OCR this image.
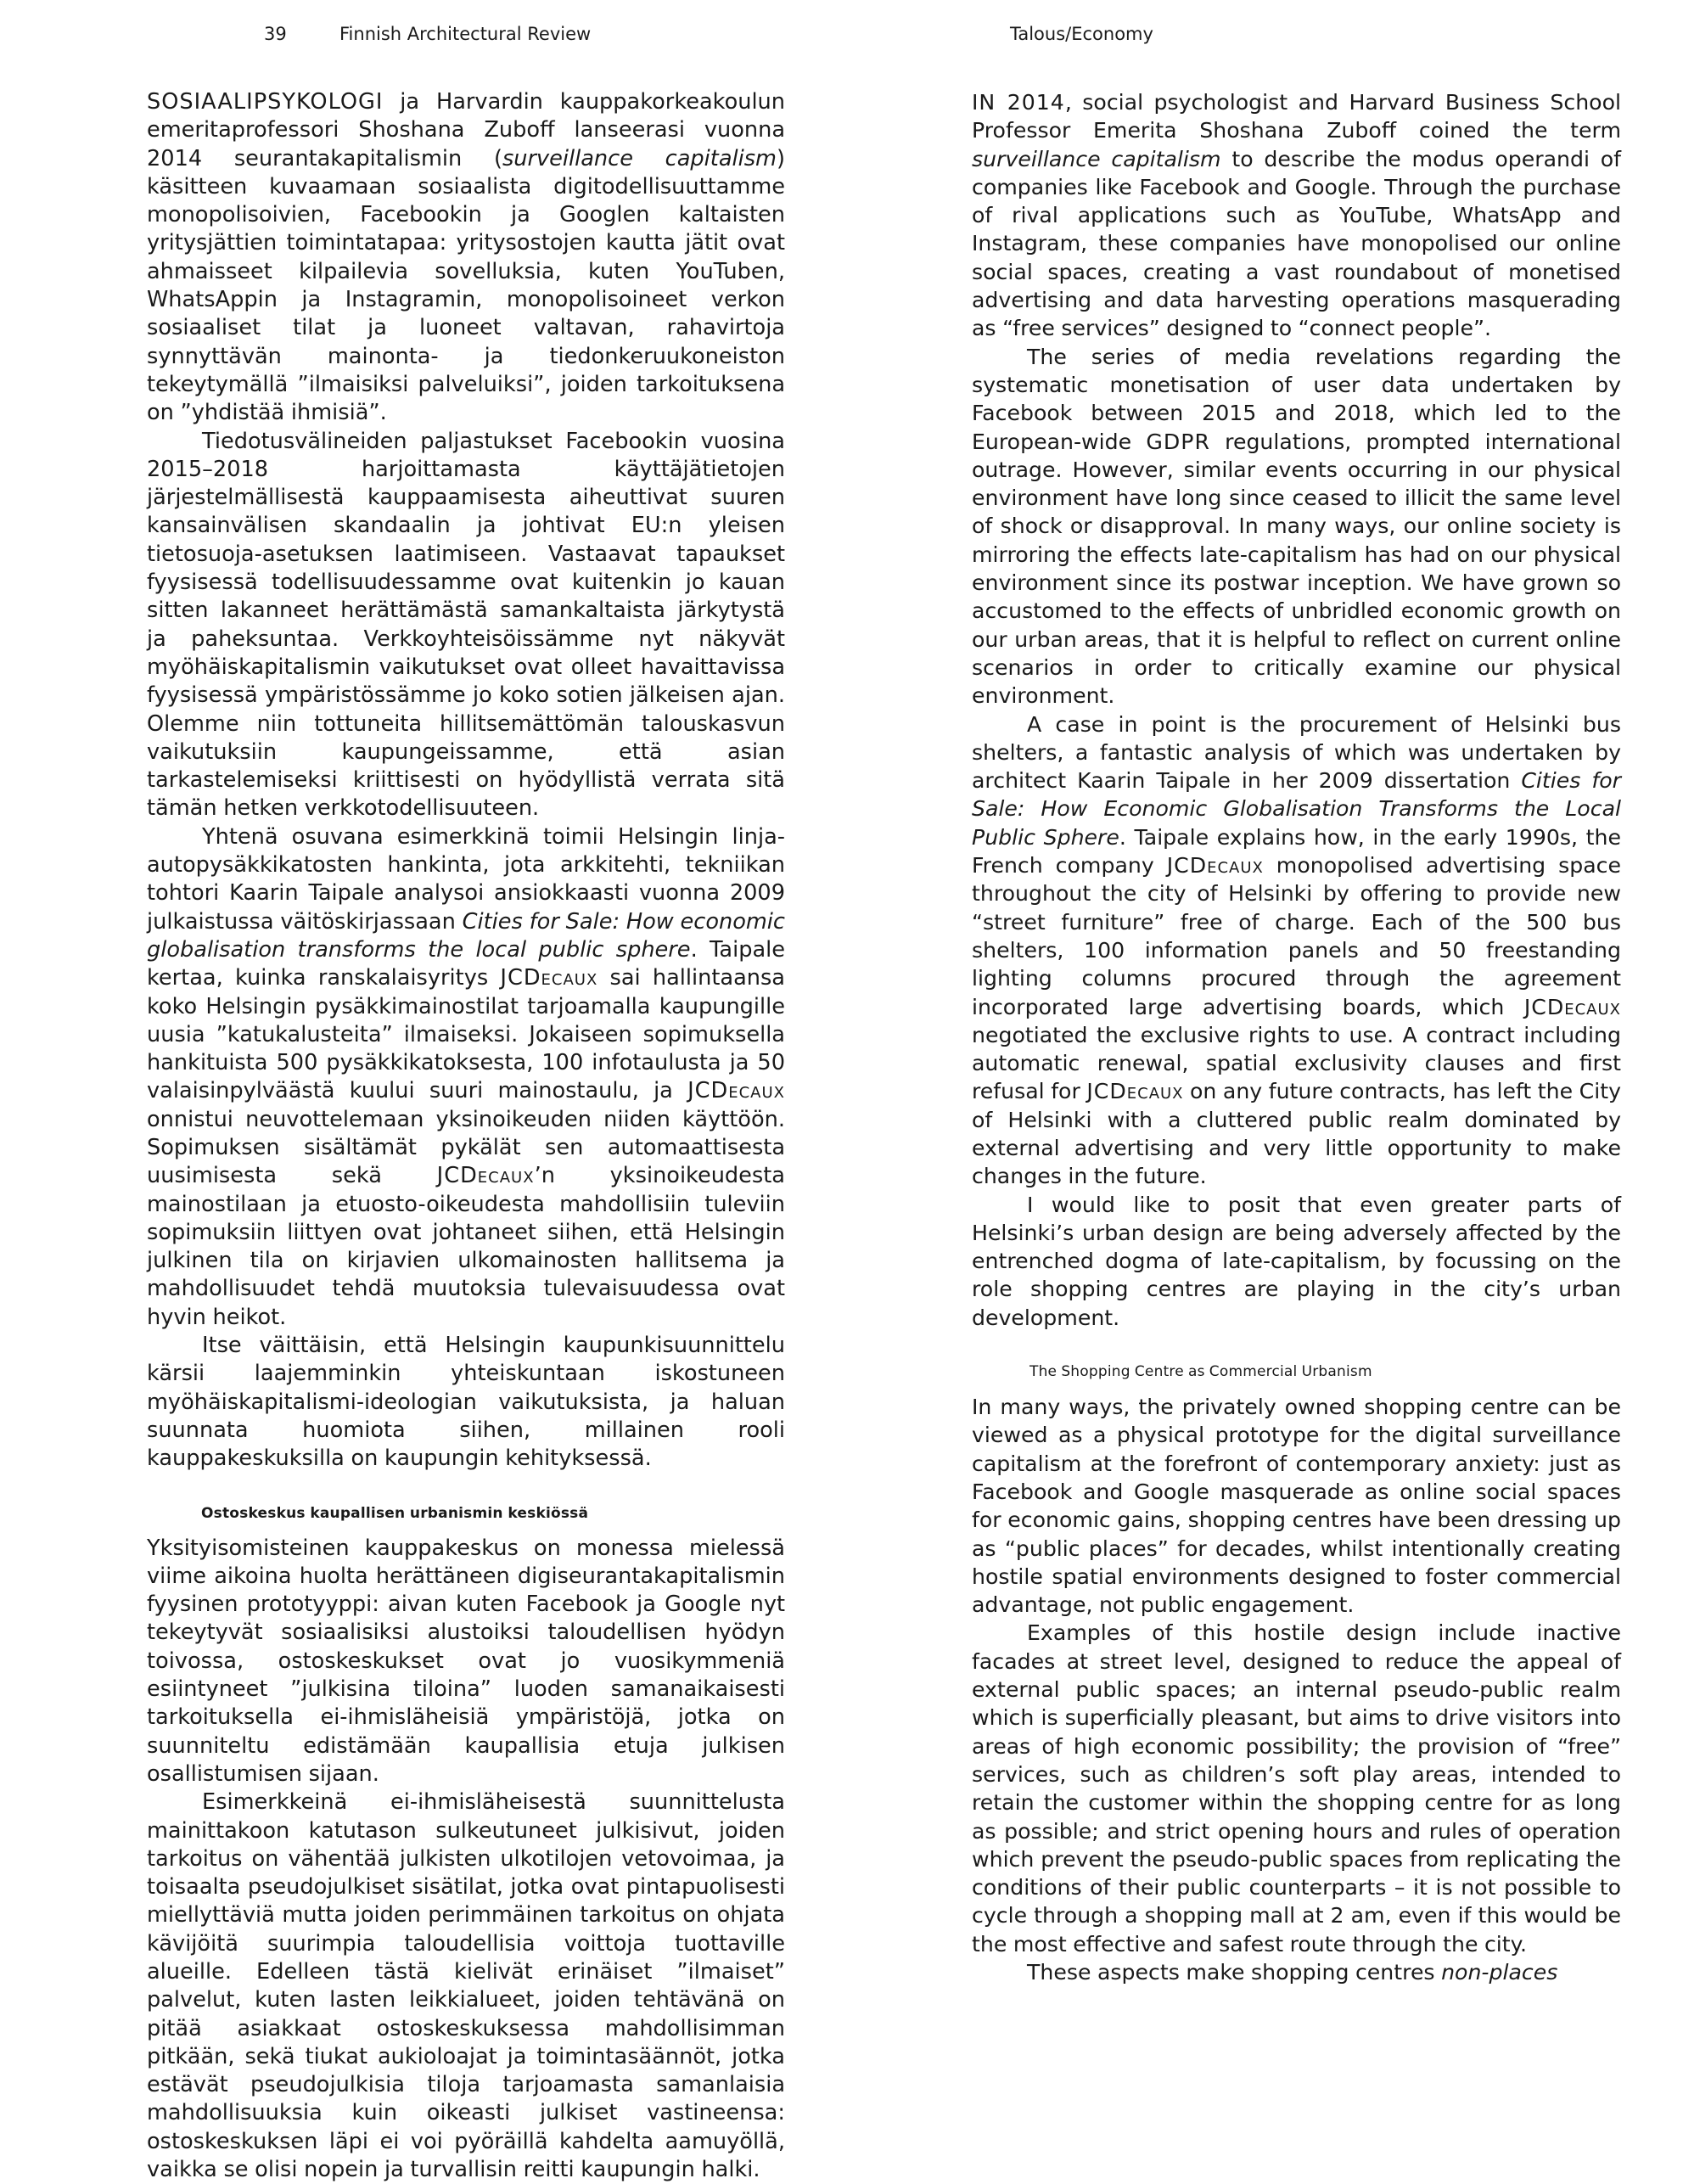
39	Finnish Architectural Review	Talous/Economy

SOSIAALIPSYKOLOGI ja Harvardin kauppakorkeakoulun emeritaprofessori Shoshana Zuboff lanseerasi vuonna 2014 seurantakapitalismin (surveillance capitalism) käsitteen kuvaamaan sosiaalista digitodellisuuttamme monopolisoivien, Facebookin ja Googlen kaltaisten yritysjättien toimintatapaa: yritysostojen kautta jätit ovat ahmaisseet kilpailevia sovelluksia, kuten YouTuben, WhatsAppin ja Instagramin, monopolisoineet verkon sosiaaliset tilat ja luoneet valtavan, rahavirtoja synnyttävän mainonta- ja tiedonkeruukoneiston tekeytymällä ”ilmaisiksi palveluiksi”, joiden tarkoituksena on ”yhdistää ihmisiä”.

Tiedotusvälineiden paljastukset Facebookin vuosina 2015–2018 harjoittamasta käyttäjätietojen järjestelmällisestä kauppaamisesta aiheuttivat suuren kansainvälisen skandaalin ja johtivat EU:n yleisen tietosuoja-asetuksen laatimiseen. Vastaavat tapaukset fyysisessä todellisuudessamme ovat kuitenkin jo kauan sitten lakanneet herättämästä samankaltaista järkytystä ja paheksuntaa. Verkkoyhteisöissämme nyt näkyvät myöhäiskapitalismin vaikutukset ovat olleet havaittavissa fyysisessä ympäristössämme jo koko sotien jälkeisen ajan. Olemme niin tottuneita hillitsemättömän talouskasvun vaikutuksiin kaupungeissamme, että asian tarkastelemiseksi kriittisesti on hyödyllistä verrata sitä tämän hetken verkkotodellisuuteen.

Yhtenä osuvana esimerkkinä toimii Helsingin linja-autopysäkkikatosten hankinta, jota arkkitehti, tekniikan tohtori Kaarin Taipale analysoi ansiokkaasti vuonna 2009 julkaistussa väitöskirjassaan Cities for Sale: How economic globalisation transforms the local public sphere. Taipale kertaa, kuinka ranskalaisyritys JCDecaux sai hallintaansa koko Helsingin pysäkkimainostilat tarjoamalla kaupungille uusia ”katukalusteita” ilmaiseksi. Jokaiseen sopimuksella hankituista 500 pysäkkikatoksesta, 100 infotaulusta ja 50 valaisinpylväästä kuului suuri mainostaulu, ja JCDecaux onnistui neuvottelemaan yksinoikeuden niiden käyttöön. Sopimuksen sisältämät pykälät sen automaattisesta uusimisesta sekä JCDecaux’n yksinoikeudesta mainostilaan ja etuosto-oikeudesta mahdollisiin tuleviin sopimuksiin liittyen ovat johtaneet siihen, että Helsingin julkinen tila on kirjavien ulkomainosten hallitsema ja mahdollisuudet tehdä muutoksia tulevaisuudessa ovat hyvin heikot.

Itse väittäisin, että Helsingin kaupunkisuunnittelu kärsii laajemminkin yhteiskuntaan iskostuneen myöhäiskapitalismi-ideologian vaikutuksista, ja haluan suunnata huomiota siihen, millainen rooli kauppakeskuksilla on kaupungin kehityksessä.

Ostoskeskus kaupallisen urbanismin keskiössä

Yksityisomisteinen kauppakeskus on monessa mielessä viime aikoina huolta herättäneen digiseurantakapitalismin fyysinen prototyyppi: aivan kuten Facebook ja Google nyt tekeytyvät sosiaalisiksi alustoiksi taloudellisen hyödyn toivossa, ostoskeskukset ovat jo vuosikymmeniä esiintyneet ”julkisina tiloina” luoden samanaikaisesti tarkoituksella ei-ihmisläheisiä ympäristöjä, jotka on suunniteltu edistämään kaupallisia etuja julkisen osallistumisen sijaan.

Esimerkkeinä ei-ihmisläheisestä suunnittelusta mainittakoon katutason sulkeutuneet julkisivut, joiden tarkoitus on vähentää julkisten ulkotilojen vetovoimaa, ja toisaalta pseudojulkiset sisätilat, jotka ovat pintapuolisesti miellyttäviä mutta joiden perimmäinen tarkoitus on ohjata kävijöitä suurimpia taloudellisia voittoja tuottaville alueille. Edelleen tästä kielivät erinäiset ”ilmaiset” palvelut, kuten lasten leikkialueet, joiden tehtävänä on pitää asiakkaat ostoskeskuksessa mahdollisimman pitkään, sekä tiukat aukioloajat ja toimintasäännöt, jotka estävät pseudojulkisia tiloja tarjoamasta samanlaisia mahdollisuuksia kuin oikeasti julkiset vastineensa: ostoskeskuksen läpi ei voi pyöräillä kahdelta aamuyöllä, vaikka se olisi nopein ja turvallisin reitti kaupungin halki.

IN 2014, social psychologist and Harvard Business School Professor Emerita Shoshana Zuboff coined the term surveillance capitalism to describe the modus operandi of companies like Facebook and Google. Through the purchase of rival applications such as YouTube, WhatsApp and Instagram, these companies have monopolised our online social spaces, creating a vast roundabout of monetised advertising and data harvesting operations masquerading as “free services” designed to “connect people”.

The series of media revelations regarding the systematic monetisation of user data undertaken by Facebook between 2015 and 2018, which led to the European-wide GDPR regulations, prompted international outrage. However, similar events occurring in our physical environment have long since ceased to illicit the same level of shock or disapproval. In many ways, our online society is mirroring the effects late-capitalism has had on our physical environment since its postwar inception. We have grown so accustomed to the effects of unbridled economic growth on our urban areas, that it is helpful to reflect on current online scenarios in order to critically examine our physical environment.

A case in point is the procurement of Helsinki bus shelters, a fantastic analysis of which was undertaken by architect Kaarin Taipale in her 2009 dissertation Cities for Sale: How Economic Globalisation Transforms the Local Public Sphere. Taipale explains how, in the early 1990s, the French company JCDecaux monopolised advertising space throughout the city of Helsinki by offering to provide new “street furniture” free of charge. Each of the 500 bus shelters, 100 information panels and 50 freestanding lighting columns procured through the agreement incorporated large advertising boards, which JCDecaux negotiated the exclusive rights to use. A contract including automatic renewal, spatial exclusivity clauses and first refusal for JCDecaux on any future contracts, has left the City of Helsinki with a cluttered public realm dominated by external advertising and very little opportunity to make changes in the future.

I would like to posit that even greater parts of Helsinki’s urban design are being adversely affected by the entrenched dogma of late-capitalism, by focussing on the role shopping centres are playing in the city’s urban development.

The Shopping Centre as Commercial Urbanism

In many ways, the privately owned shopping centre can be viewed as a physical prototype for the digital surveillance capitalism at the forefront of contemporary anxiety: just as Facebook and Google masquerade as online social spaces for economic gains, shopping centres have been dressing up as “public places” for decades, whilst intentionally creating hostile spatial environments designed to foster commercial advantage, not public engagement.

Examples of this hostile design include inactive facades at street level, designed to reduce the appeal of external public spaces; an internal pseudo-public realm which is superficially pleasant, but aims to drive visitors into areas of high economic possibility; the provision of “free” services, such as children’s soft play areas, intended to retain the customer within the shopping centre for as long as possible; and strict opening hours and rules of operation which prevent the pseudo-public spaces from replicating the conditions of their public counterparts – it is not possible to cycle through a shopping mall at 2 am, even if this would be the most effective and safest route through the city.

These aspects make shopping centres non-places
